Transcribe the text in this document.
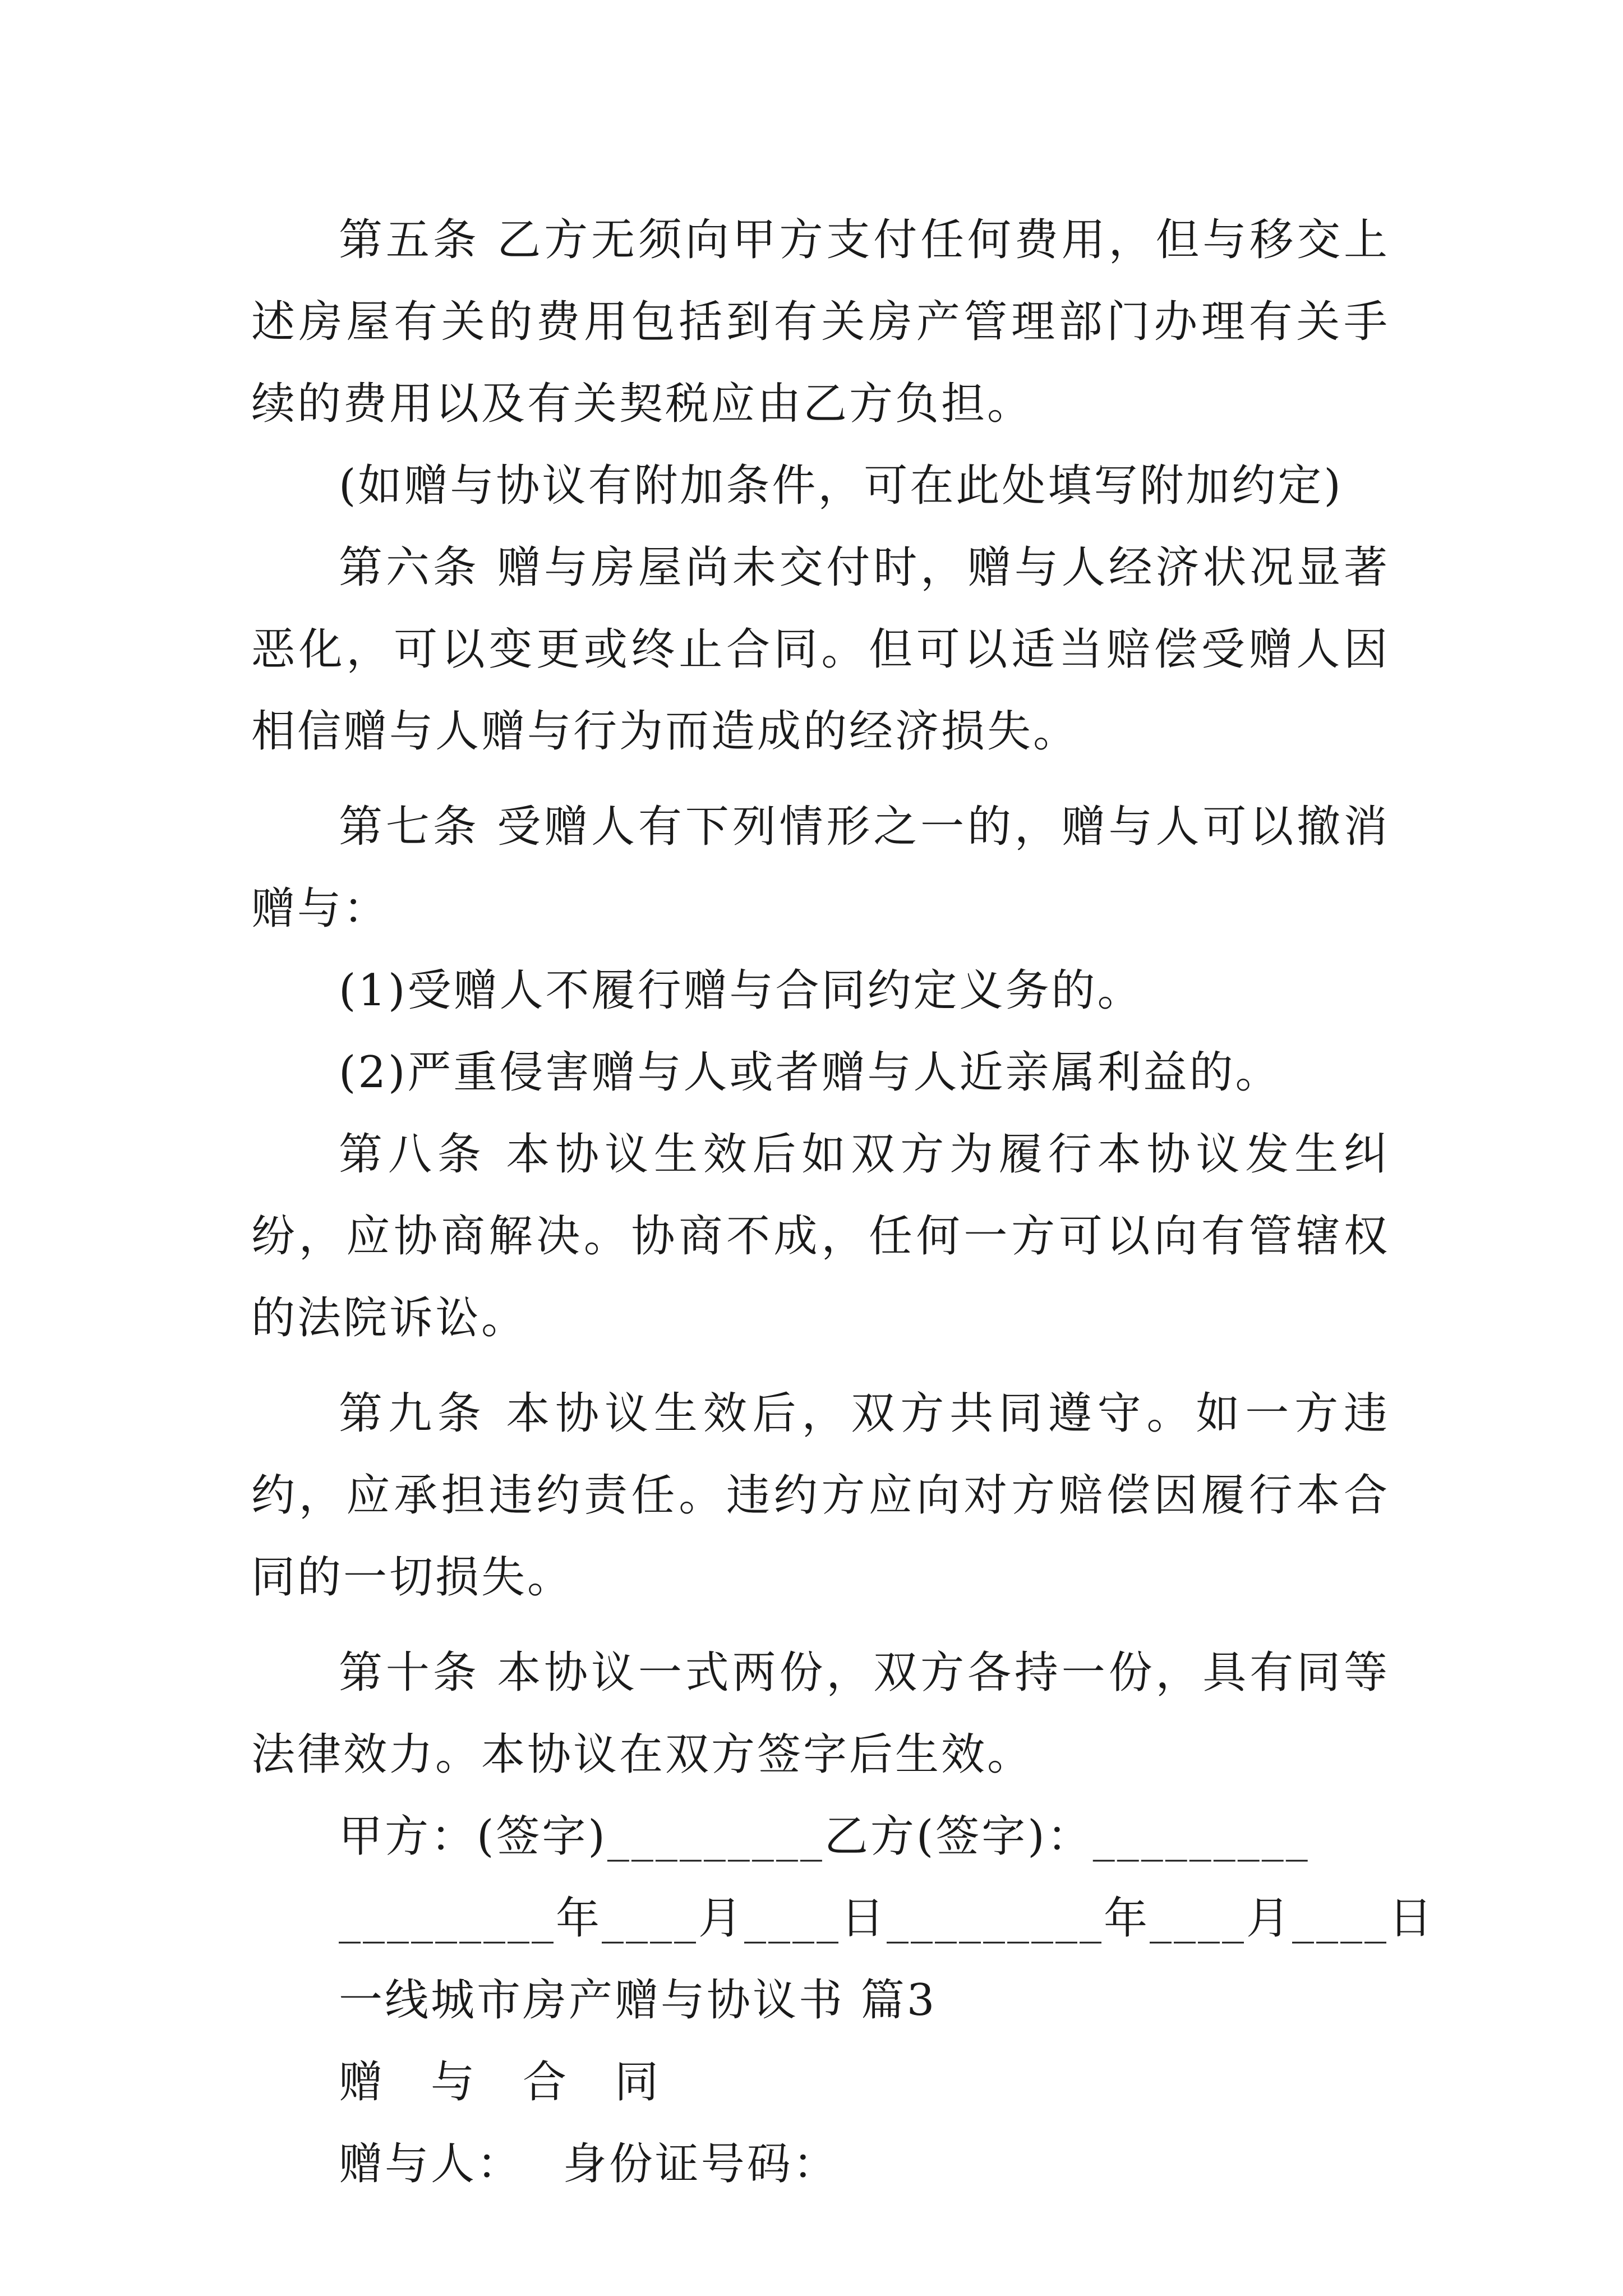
第五条 乙方无须向甲方支付任何费用，但与移交上述房屋有关的费用包括到有关房产管理部门办理有关手续的费用以及有关契税应由乙方负担。

(如赠与协议有附加条件，可在此处填写附加约定)

第六条 赠与房屋尚未交付时，赠与人经济状况显著恶化，可以变更或终止合同。但可以适当赔偿受赠人因相信赠与人赠与行为而造成的经济损失。

第七条 受赠人有下列情形之一的，赠与人可以撤消赠与：

(1)受赠人不履行赠与合同约定义务的。

(2)严重侵害赠与人或者赠与人近亲属利益的。

第八条 本协议生效后如双方为履行本协议发生纠纷，应协商解决。协商不成，任何一方可以向有管辖权的法院诉讼。

第九条 本协议生效后，双方共同遵守。如一方违约，应承担违约责任。违约方应向对方赔偿因履行本合同的一切损失。

第十条 本协议一式两份，双方各持一份，具有同等法律效力。本协议在双方签字后生效。

甲方：(签字)_________乙方(签字)：_________

_________年____月____日_________年____月____日

一线城市房产赠与协议书 篇3

赠　与　合　同

赠与人：　 身份证号码：
